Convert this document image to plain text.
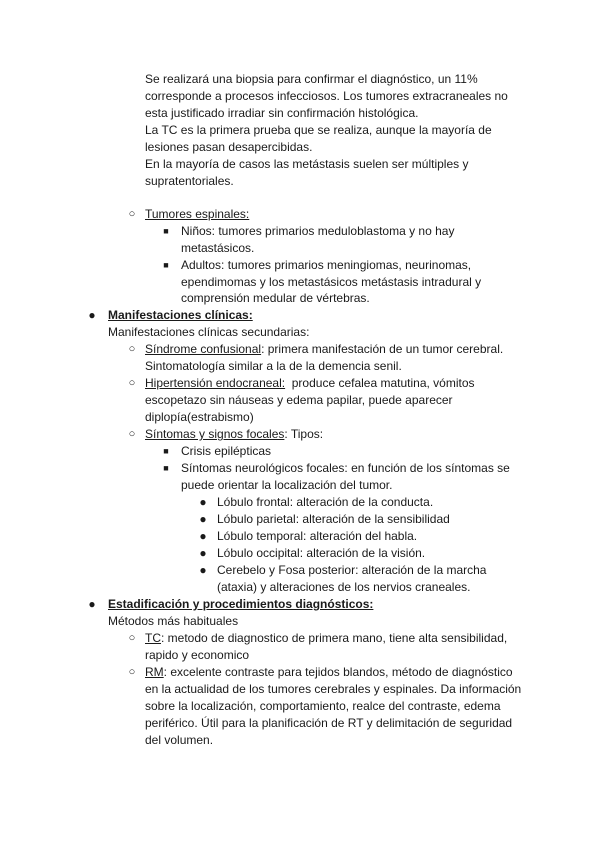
Se realizará una biopsia para confirmar el diagnóstico, un 11%
corresponde a procesos infecciosos. Los tumores extracraneales no
esta justificado irradiar sin confirmación histológica.
La TC es la primera prueba que se realiza, aunque la mayoría de
lesiones pasan desapercibidas.
En la mayoría de casos las metástasis suelen ser múltiples y
supratentoriales.
○ Tumores espinales:
■ Niños: tumores primarios meduloblastoma y no hay
metastásicos.
■ Adultos: tumores primarios meningiomas, neurinomas,
ependimomas y los metastásicos metástasis intradural y
comprensión medular de vértebras.
● Manifestaciones clínicas:
Manifestaciones clínicas secundarias:
○ Síndrome confusional: primera manifestación de un tumor cerebral.
Sintomatología similar a la de la demencia senil.
○ Hipertensión endocraneal:  produce cefalea matutina, vómitos
escopetazo sin náuseas y edema papilar, puede aparecer
diplopía(estrabismo)
○ Síntomas y signos focales: Tipos:
■ Crisis epilépticas
■ Síntomas neurológicos focales: en función de los síntomas se
puede orientar la localización del tumor.
● Lóbulo frontal: alteración de la conducta.
● Lóbulo parietal: alteración de la sensibilidad
● Lóbulo temporal: alteración del habla.
● Lóbulo occipital: alteración de la visión.
● Cerebelo y Fosa posterior: alteración de la marcha
(ataxia) y alteraciones de los nervios craneales.
● Estadificación y procedimientos diagnósticos:
Métodos más habituales
○ TC: metodo de diagnostico de primera mano, tiene alta sensibilidad,
rapido y economico
○ RM: excelente contraste para tejidos blandos, método de diagnóstico
en la actualidad de los tumores cerebrales y espinales. Da información
sobre la localización, comportamiento, realce del contraste, edema
periférico. Útil para la planificación de RT y delimitación de seguridad
del volumen.
